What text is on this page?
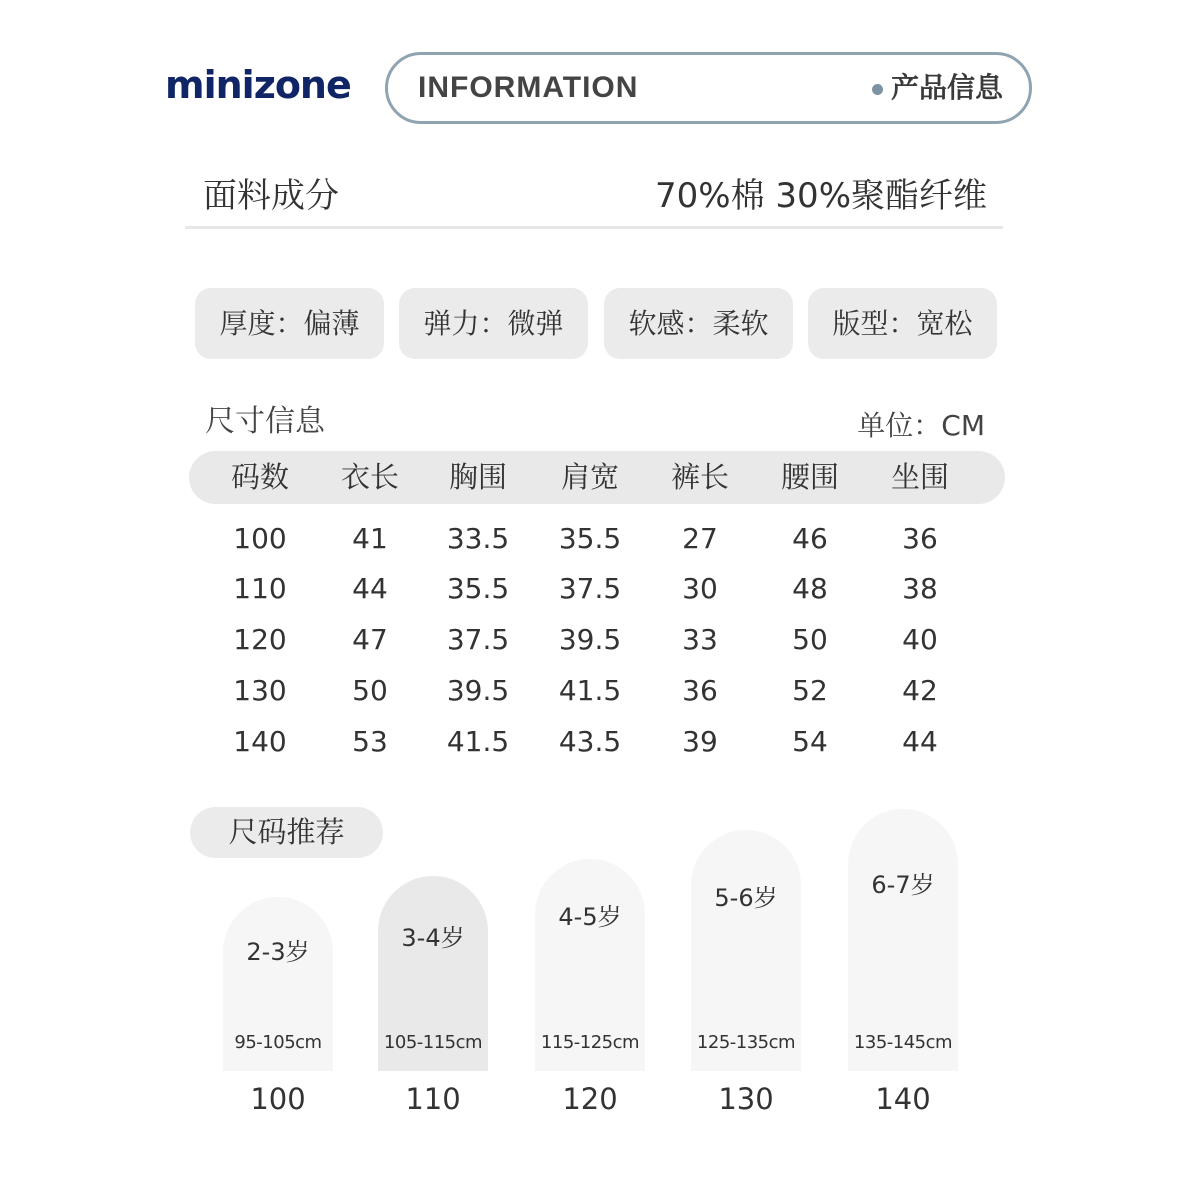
minizone INFORMATION	产品信息
面料成分	70%棉 30%聚酯纤维
厚度：偏薄	弹力：微弹	软感：柔软	版型：宽松
尺寸信息	单位：CM
码数	衣长	胸围	肩宽	裤长	腰围	坐围
100	41	33.5	35.5	27	46	36
110	44	35.5	37.5	30	48	38
120	47	37.5	39.5	33	50	40
130	50	39.5	41.5	36	52	42
140	53	41.5	43.5	39	54	44
尺码推荐
2-3岁
95-105cm
100
3-4岁
105-115cm
110
4-5岁
115-125cm
120
5-6岁
125-135cm
130
6-7岁
135-145cm
140
